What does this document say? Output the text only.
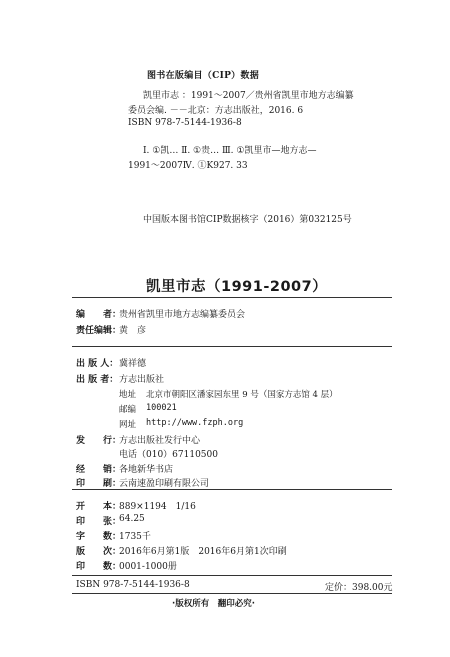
图书在版编目（CIP）数据
凯里市志 ：1991～2007／贵州省凯里市地方志编纂
委员会编. －－北京：方志出版社，2016. 6
ISBN 978-7-5144-1936-8
Ⅰ. ①凯… Ⅱ. ①贵… Ⅲ. ①凯里市—地方志—
1991～2007Ⅳ. ①K927. 33
中国版本图书馆CIP数据核字（2016）第032125号
凯里市志（1991-2007）
编　　者：
贵州省凯里市地方志编纂委员会
责任编辑：
黄　彦
出 版 人： 冀祥德
出 版 者： 方志出版社
地址 北京市朝阳区潘家园东里 9 号（国家方志馆 4 层）
邮编 100021
网址 http://www.fzph.org
发　　行：
方志出版社发行中心
电话（010）67110500
经　　销：
各地新华书店
印　　刷：
云南速盈印刷有限公司
开　　本：
889×1194　1/16
印　　张：
64.25
字　　数：
1735千
版　　次：
2016年6月第1版　2016年6月第1次印刷
印　　数：
0001-1000册
ISBN 978-7-5144-1936-8	定价：398.00元
·版权所有　翻印必究·
